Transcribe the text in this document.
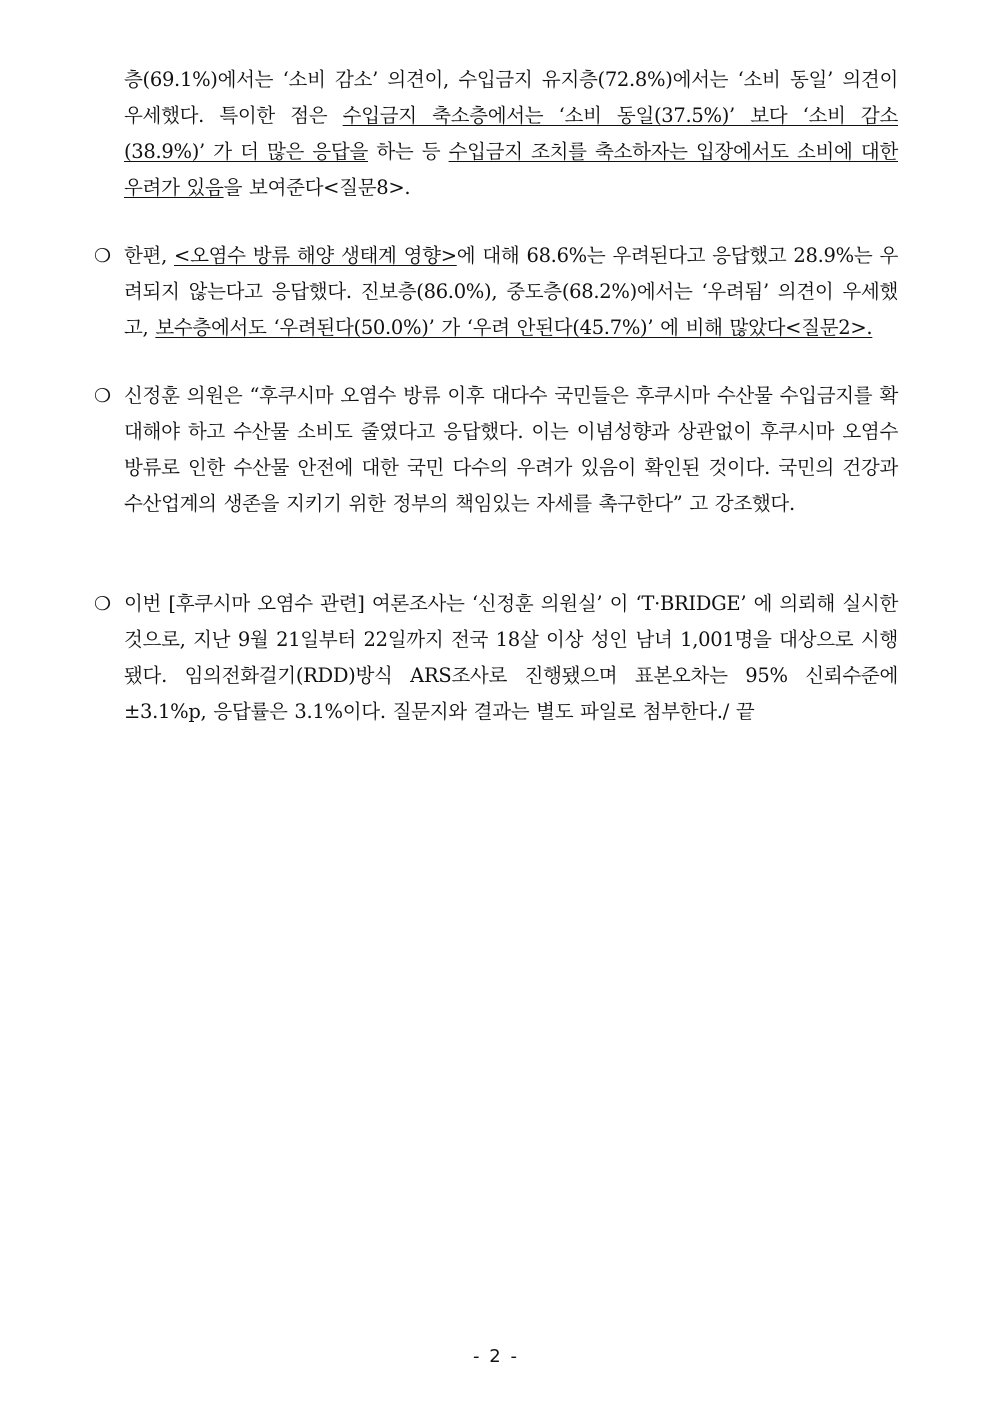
층(69.1%)에서는 ‘소비 감소’ 의견이, 수입금지 유지층(72.8%)에서는 ‘소비 동일’ 의견이 우세했다. 특이한 점은 수입금지 축소층에서는 ‘소비 동일(37.5%)’ 보다 ‘소비 감소(38.9%)’ 가 더 많은 응답을 하는 등 수입금지 조치를 축소하자는 입장에서도 소비에 대한 우려가 있음을 보여준다<질문8>.
❍ 한편, <오염수 방류 해양 생태계 영향>에 대해 68.6%는 우려된다고 응답했고 28.9%는 우려되지 않는다고 응답했다. 진보층(86.0%), 중도층(68.2%)에서는 ‘우려됨’ 의견이 우세했고, 보수층에서도 ‘우려된다(50.0%)’ 가 ‘우려 안된다(45.7%)’ 에 비해 많았다<질문2>.
❍ 신정훈 의원은 “후쿠시마 오염수 방류 이후 대다수 국민들은 후쿠시마 수산물 수입금지를 확대해야 하고 수산물 소비도 줄였다고 응답했다. 이는 이념성향과 상관없이 후쿠시마 오염수 방류로 인한 수산물 안전에 대한 국민 다수의 우려가 있음이 확인된 것이다. 국민의 건강과 수산업계의 생존을 지키기 위한 정부의 책임있는 자세를 촉구한다” 고 강조했다.
❍ 이번 [후쿠시마 오염수 관련] 여론조사는 ‘신정훈 의원실’ 이 ‘T·BRIDGE’ 에 의뢰해 실시한 것으로, 지난 9월 21일부터 22일까지 전국 18살 이상 성인 남녀 1,001명을 대상으로 시행됐다. 임의전화걸기(RDD)방식 ARS조사로 진행됐으며 표본오차는 95% 신뢰수준에 ±3.1%p, 응답률은 3.1%이다. 질문지와 결과는 별도 파일로 첨부한다./ 끝
- 2 -
